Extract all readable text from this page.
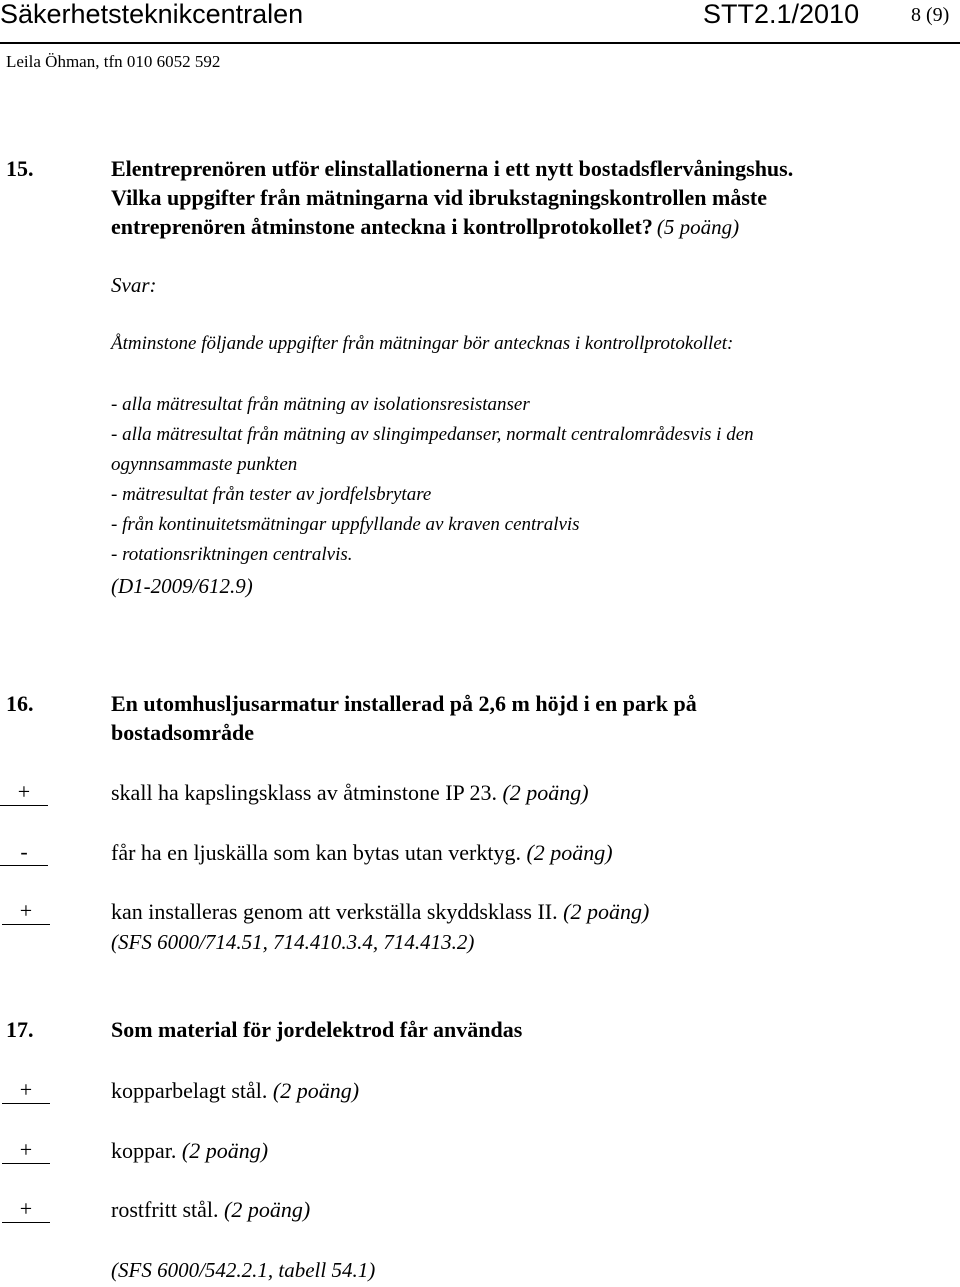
Säkerhetsteknikcentralen	STT2.1/2010	8 (9)
Leila Öhman, tfn 010 6052 592
15.	Elentreprenören utför elinstallationerna i ett nytt bostadsflervåningshus.
Vilka uppgifter från mätningarna vid ibrukstagningskontrollen måste
entreprenören åtminstone anteckna i kontrollprotokollet? (5 poäng)
Svar:
Åtminstone följande uppgifter från mätningar bör antecknas i kontrollprotokollet:
- alla mätresultat från mätning av isolationsresistanser
- alla mätresultat från mätning av slingimpedanser, normalt centralområdesvis i den
ogynnsammaste punkten
- mätresultat från tester av jordfelsbrytare
- från kontinuitetsmätningar uppfyllande av kraven centralvis
- rotationsriktningen centralvis.
(D1-2009/612.9)
16.	En utomhusljusarmatur installerad på 2,6 m höjd i en park på
bostadsområde
+	skall ha kapslingsklass av åtminstone IP 23. (2 poäng)
-	får ha en ljuskälla som kan bytas utan verktyg. (2 poäng)
+	kan installeras genom att verkställa skyddsklass II. (2 poäng)
(SFS 6000/714.51, 714.410.3.4, 714.413.2)
17.	Som material för jordelektrod får användas
+	kopparbelagt stål. (2 poäng)
+	koppar. (2 poäng)
+	rostfritt stål. (2 poäng)
(SFS 6000/542.2.1, tabell 54.1)
